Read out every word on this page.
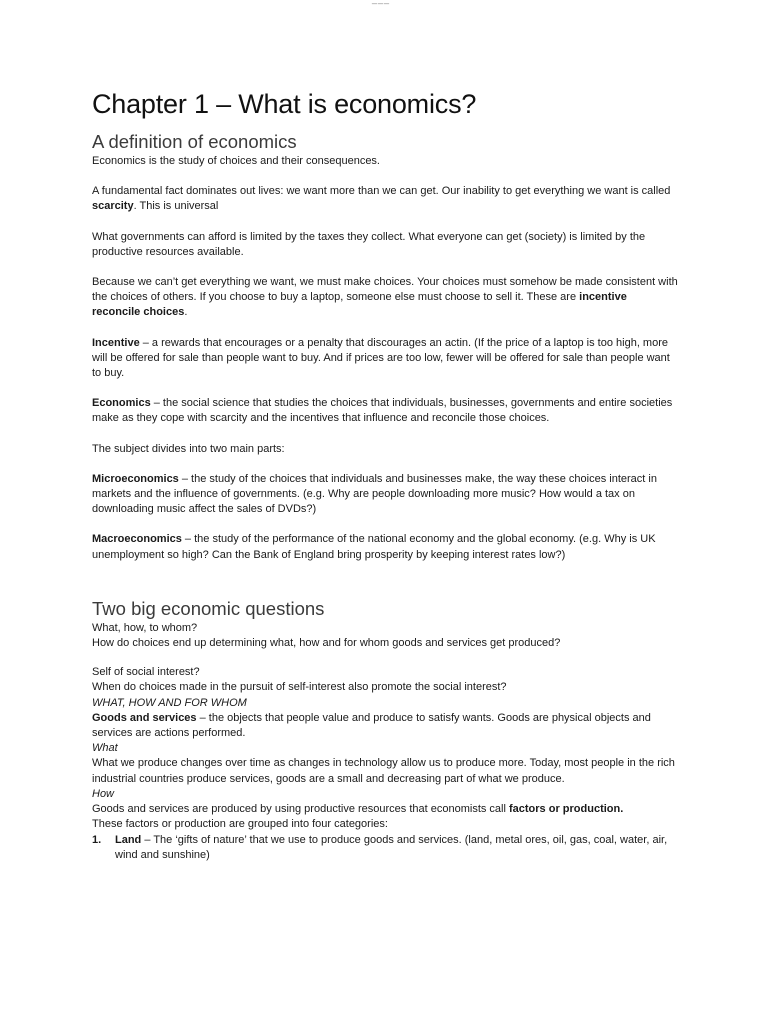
Chapter 1 – What is economics?
A definition of economics

Economics is the study of choices and their consequences.

A fundamental fact dominates out lives: we want more than we can get. Our inability to get everything we want is called scarcity. This is universal

What governments can afford is limited by the taxes they collect. What everyone can get (society) is limited by the productive resources available.

Because we can’t get everything we want, we must make choices. Your choices must somehow be made consistent with the choices of others. If you choose to buy a laptop, someone else must choose to sell it. These are incentive reconcile choices.

Incentive – a rewards that encourages or a penalty that discourages an actin. (If the price of a laptop is too high, more will be offered for sale than people want to buy. And if prices are too low, fewer will be offered for sale than people want to buy.

Economics – the social science that studies the choices that individuals, businesses, governments and entire societies make as they cope with scarcity and the incentives that influence and reconcile those choices.

The subject divides into two main parts:

Microeconomics – the study of the choices that individuals and businesses make, the way these choices interact in markets and the influence of governments. (e.g. Why are people downloading more music? How would a tax on downloading music affect the sales of DVDs?)

Macroeconomics – the study of the performance of the national economy and the global economy. (e.g. Why is UK unemployment so high? Can the Bank of England bring prosperity by keeping interest rates low?)

Two big economic questions

What, how, to whom?

How do choices end up determining what, how and for whom goods and services get produced?

Self of social interest?

When do choices made in the pursuit of self-interest also promote the social interest?

WHAT, HOW AND FOR WHOM

Goods and services – the objects that people value and produce to satisfy wants. Goods are physical objects and services are actions performed.

What

What we produce changes over time as changes in technology allow us to produce more. Today, most people in the rich industrial countries produce services, goods are a small and decreasing part of what we produce.

How

Goods and services are produced by using productive resources that economists call factors or production.

These factors or production are grouped into four categories:

1. Land – The ‘gifts of nature’ that we use to produce goods and services. (land, metal ores, oil, gas, coal, water, air, wind and sunshine)
